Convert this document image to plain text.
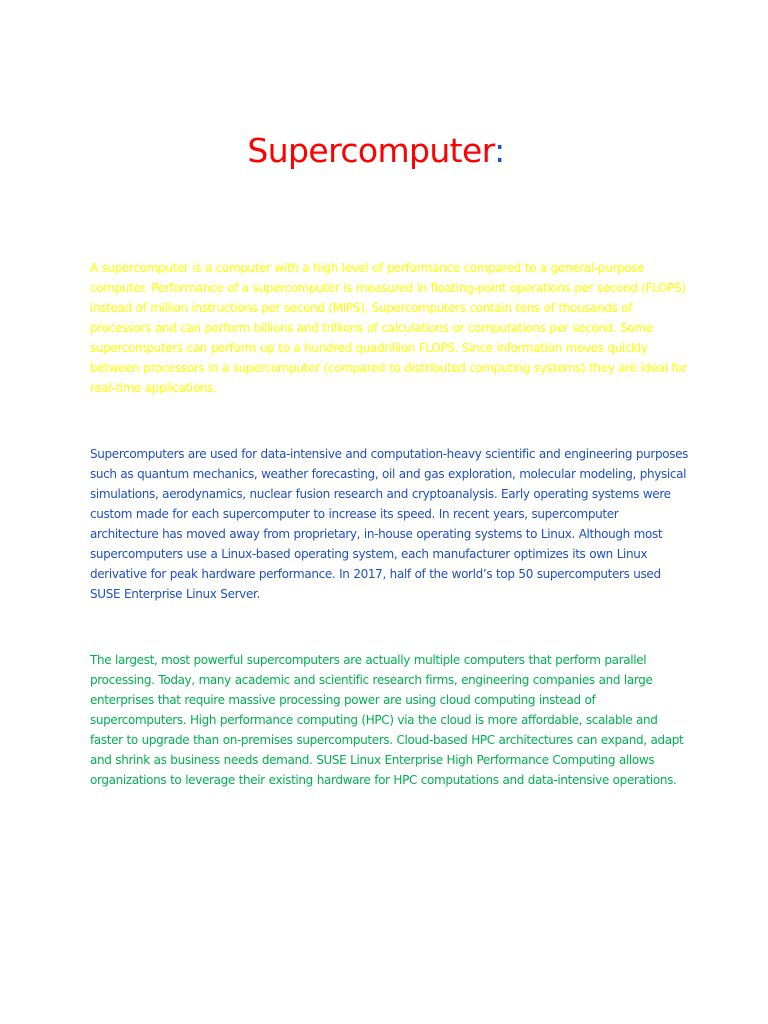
Supercomputer:

A supercomputer is a computer with a high level of performance compared to a general-purpose computer. Performance of a supercomputer is measured in floating-point operations per second (FLOPS) instead of million instructions per second (MIPS). Supercomputers contain tens of thousands of processors and can perform billions and trillions of calculations or computations per second. Some supercomputers can perform up to a hundred quadrillion FLOPS. Since information moves quickly between processors in a supercomputer (compared to distributed computing systems) they are ideal for real-time applications.

Supercomputers are used for data-intensive and computation-heavy scientific and engineering purposes such as quantum mechanics, weather forecasting, oil and gas exploration, molecular modeling, physical simulations, aerodynamics, nuclear fusion research and cryptoanalysis. Early operating systems were custom made for each supercomputer to increase its speed. In recent years, supercomputer architecture has moved away from proprietary, in-house operating systems to Linux. Although most supercomputers use a Linux-based operating system, each manufacturer optimizes its own Linux derivative for peak hardware performance. In 2017, half of the world’s top 50 supercomputers used SUSE Enterprise Linux Server.

The largest, most powerful supercomputers are actually multiple computers that perform parallel processing. Today, many academic and scientific research firms, engineering companies and large enterprises that require massive processing power are using cloud computing instead of supercomputers. High performance computing (HPC) via the cloud is more affordable, scalable and faster to upgrade than on-premises supercomputers. Cloud-based HPC architectures can expand, adapt and shrink as business needs demand. SUSE Linux Enterprise High Performance Computing allows organizations to leverage their existing hardware for HPC computations and data-intensive operations.
